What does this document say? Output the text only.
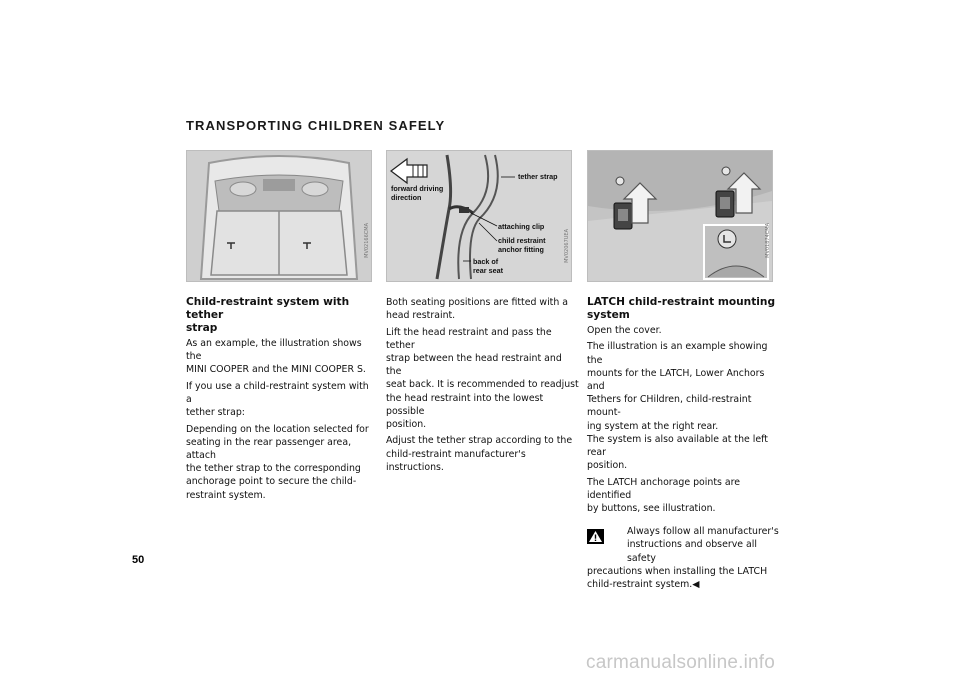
TRANSPORTING CHILDREN SAFELY
MV02166CMA
forward driving direction tether strap attaching clip child restraint anchor fitting back of rear seat
MV02067UEA	MV01874CMA
Child-restraint system with tether
strap

As an example, the illustration shows the
MINI COOPER and the MINI COOPER S.

If you use a child-restraint system with a
tether strap:

Depending on the location selected for
seating in the rear passenger area, attach
the tether strap to the corresponding
anchorage point to secure the child-
restraint system.

Both seating positions are fitted with a
head restraint.

Lift the head restraint and pass the tether
strap between the head restraint and the
seat back. It is recommended to readjust
the head restraint into the lowest possible
position.

Adjust the tether strap according to the
child-restraint manufacturer's instructions.

LATCH child-restraint mounting
system

Open the cover.

The illustration is an example showing the
mounts for the LATCH, Lower Anchors and
Tethers for CHildren, child-restraint mount-
ing system at the right rear.
The system is also available at the left rear
position.

The LATCH anchorage points are identified
by buttons, see illustration.

Always follow all manufacturer's
instructions and observe all safety
precautions when installing the LATCH
child-restraint system.◀

50
carmanualsonline.info
